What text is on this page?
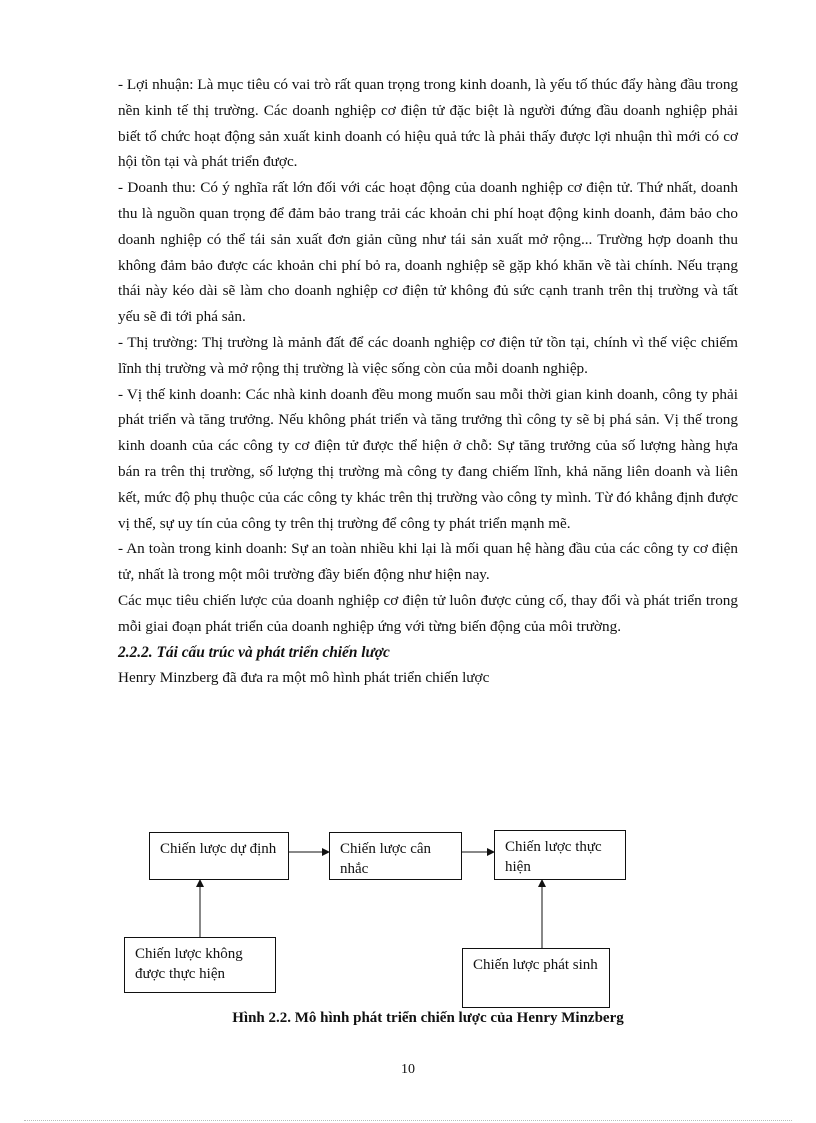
- Lợi nhuận: Là mục tiêu có vai trò rất quan trọng trong kinh doanh, là yếu tố thúc đẩy hàng đầu trong nền kinh tế thị trường. Các doanh nghiệp cơ điện tử đặc biệt là người đứng đầu doanh nghiệp phải biết tổ chức hoạt động sản xuất kinh doanh có hiệu quả tức là phải thấy được lợi nhuận thì mới có cơ hội tồn tại và phát triển được.

- Doanh thu: Có ý nghĩa rất lớn đối với các hoạt động của doanh nghiệp cơ điện tử. Thứ nhất, doanh thu là nguồn quan trọng để đảm bảo trang trải các khoản chi phí hoạt động kinh doanh, đảm bảo cho doanh nghiệp có thể tái sản xuất đơn giản cũng như tái sản xuất mở rộng... Trường hợp doanh thu không đảm bảo được các khoản chi phí bỏ ra, doanh nghiệp sẽ gặp khó khăn về tài chính. Nếu trạng thái này kéo dài sẽ làm cho doanh nghiệp cơ điện tử không đủ sức cạnh tranh trên thị trường và tất yếu sẽ đi tới phá sản.

- Thị trường: Thị trường là mảnh đất để các doanh nghiệp cơ điện tử tồn tại, chính vì thế việc chiếm lĩnh thị trường và mở rộng thị trường là việc sống còn của mỗi doanh nghiệp.

- Vị thế kinh doanh: Các nhà kinh doanh đều mong muốn sau mỗi thời gian kinh doanh, công ty phải phát triển và tăng trưởng. Nếu không phát triển và tăng trưởng thì công ty sẽ bị phá sản. Vị thế trong kinh doanh của các công ty cơ điện tử được thể hiện ở chỗ: Sự tăng trưởng của số lượng hàng hựa bán ra trên thị trường, số lượng thị trường mà công ty đang chiếm lĩnh, khả năng liên doanh và liên kết, mức độ phụ thuộc của các công ty khác trên thị trường vào công ty mình. Từ đó khẳng định được vị thế, sự uy tín của công ty trên thị trường để công ty phát triển mạnh mẽ.

- An toàn trong kinh doanh: Sự an toàn nhiều khi lại là mối quan hệ hàng đầu của các công ty cơ điện tử, nhất là trong một môi trường đầy biến động như hiện nay.

Các mục tiêu chiến lược của doanh nghiệp cơ điện tử luôn được củng cố, thay đổi và phát triển trong mỗi giai đoạn phát triển của doanh nghiệp ứng với từng biến động của môi trường.

2.2.2. Tái cấu trúc và phát triển chiến lược

Henry Minzberg đã đưa ra một mô hình phát triển chiến lược

Chiến lược dự định	Chiến lược cân nhắc
Chiến lược thực hiện
Chiến lược không được thực hiện
Chiến lược phát sinh
Hình 2.2. Mô hình phát triển chiến lược của Henry Minzberg
10
